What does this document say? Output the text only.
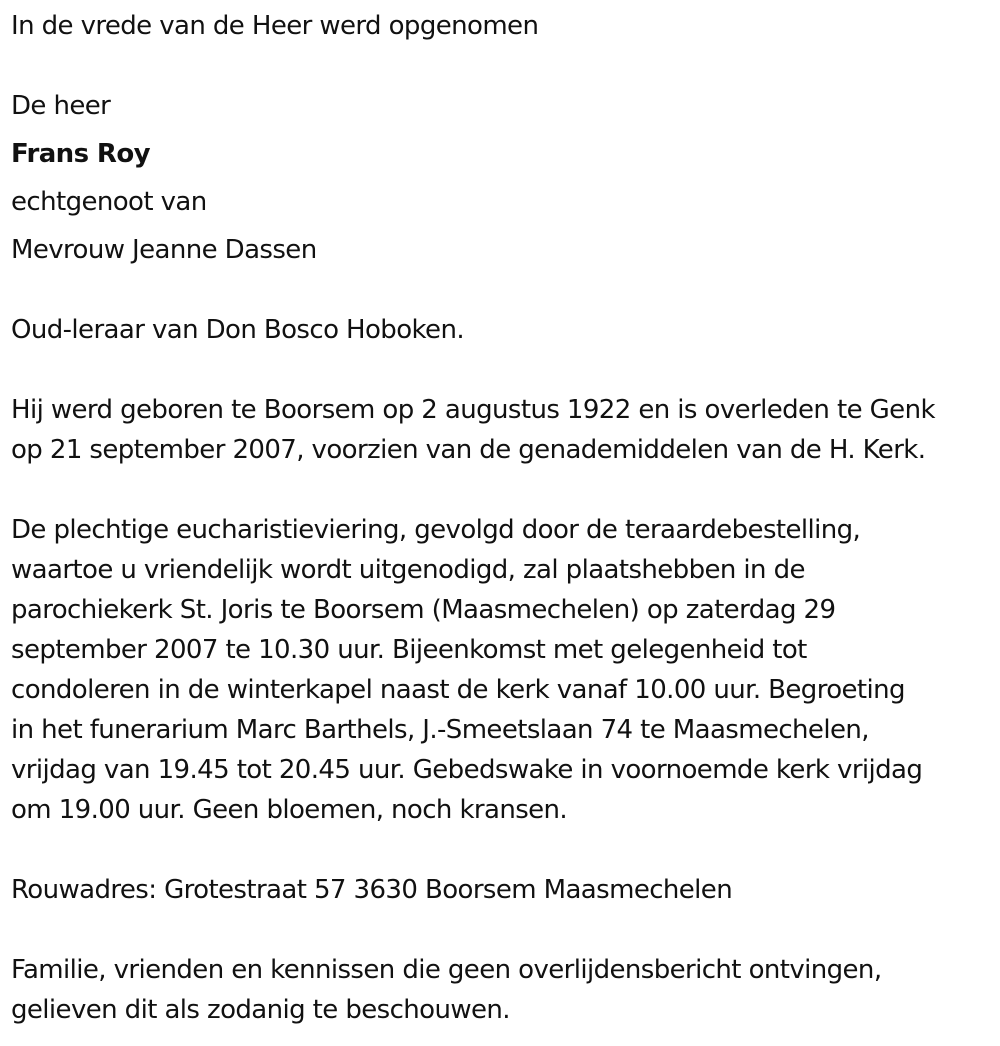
In de vrede van de Heer werd opgenomen

De heer

Frans Roy

echtgenoot van

Mevrouw Jeanne Dassen

Oud-leraar van Don Bosco Hoboken.

Hij werd geboren te Boorsem op 2 augustus 1922 en is overleden te Genk

op 21 september 2007, voorzien van de genademiddelen van de H. Kerk.

De plechtige eucharistieviering, gevolgd door de teraardebestelling,

waartoe u vriendelijk wordt uitgenodigd, zal plaatshebben in de

parochiekerk St. Joris te Boorsem (Maasmechelen) op zaterdag 29

september 2007 te 10.30 uur. Bijeenkomst met gelegenheid tot

condoleren in de winterkapel naast de kerk vanaf 10.00 uur. Begroeting

in het funerarium Marc Barthels, J.-Smeetslaan 74 te Maasmechelen,

vrijdag van 19.45 tot 20.45 uur. Gebedswake in voornoemde kerk vrijdag

om 19.00 uur. Geen bloemen, noch kransen.

Rouwadres: Grotestraat 57 3630 Boorsem Maasmechelen

Familie, vrienden en kennissen die geen overlijdensbericht ontvingen,

gelieven dit als zodanig te beschouwen.
